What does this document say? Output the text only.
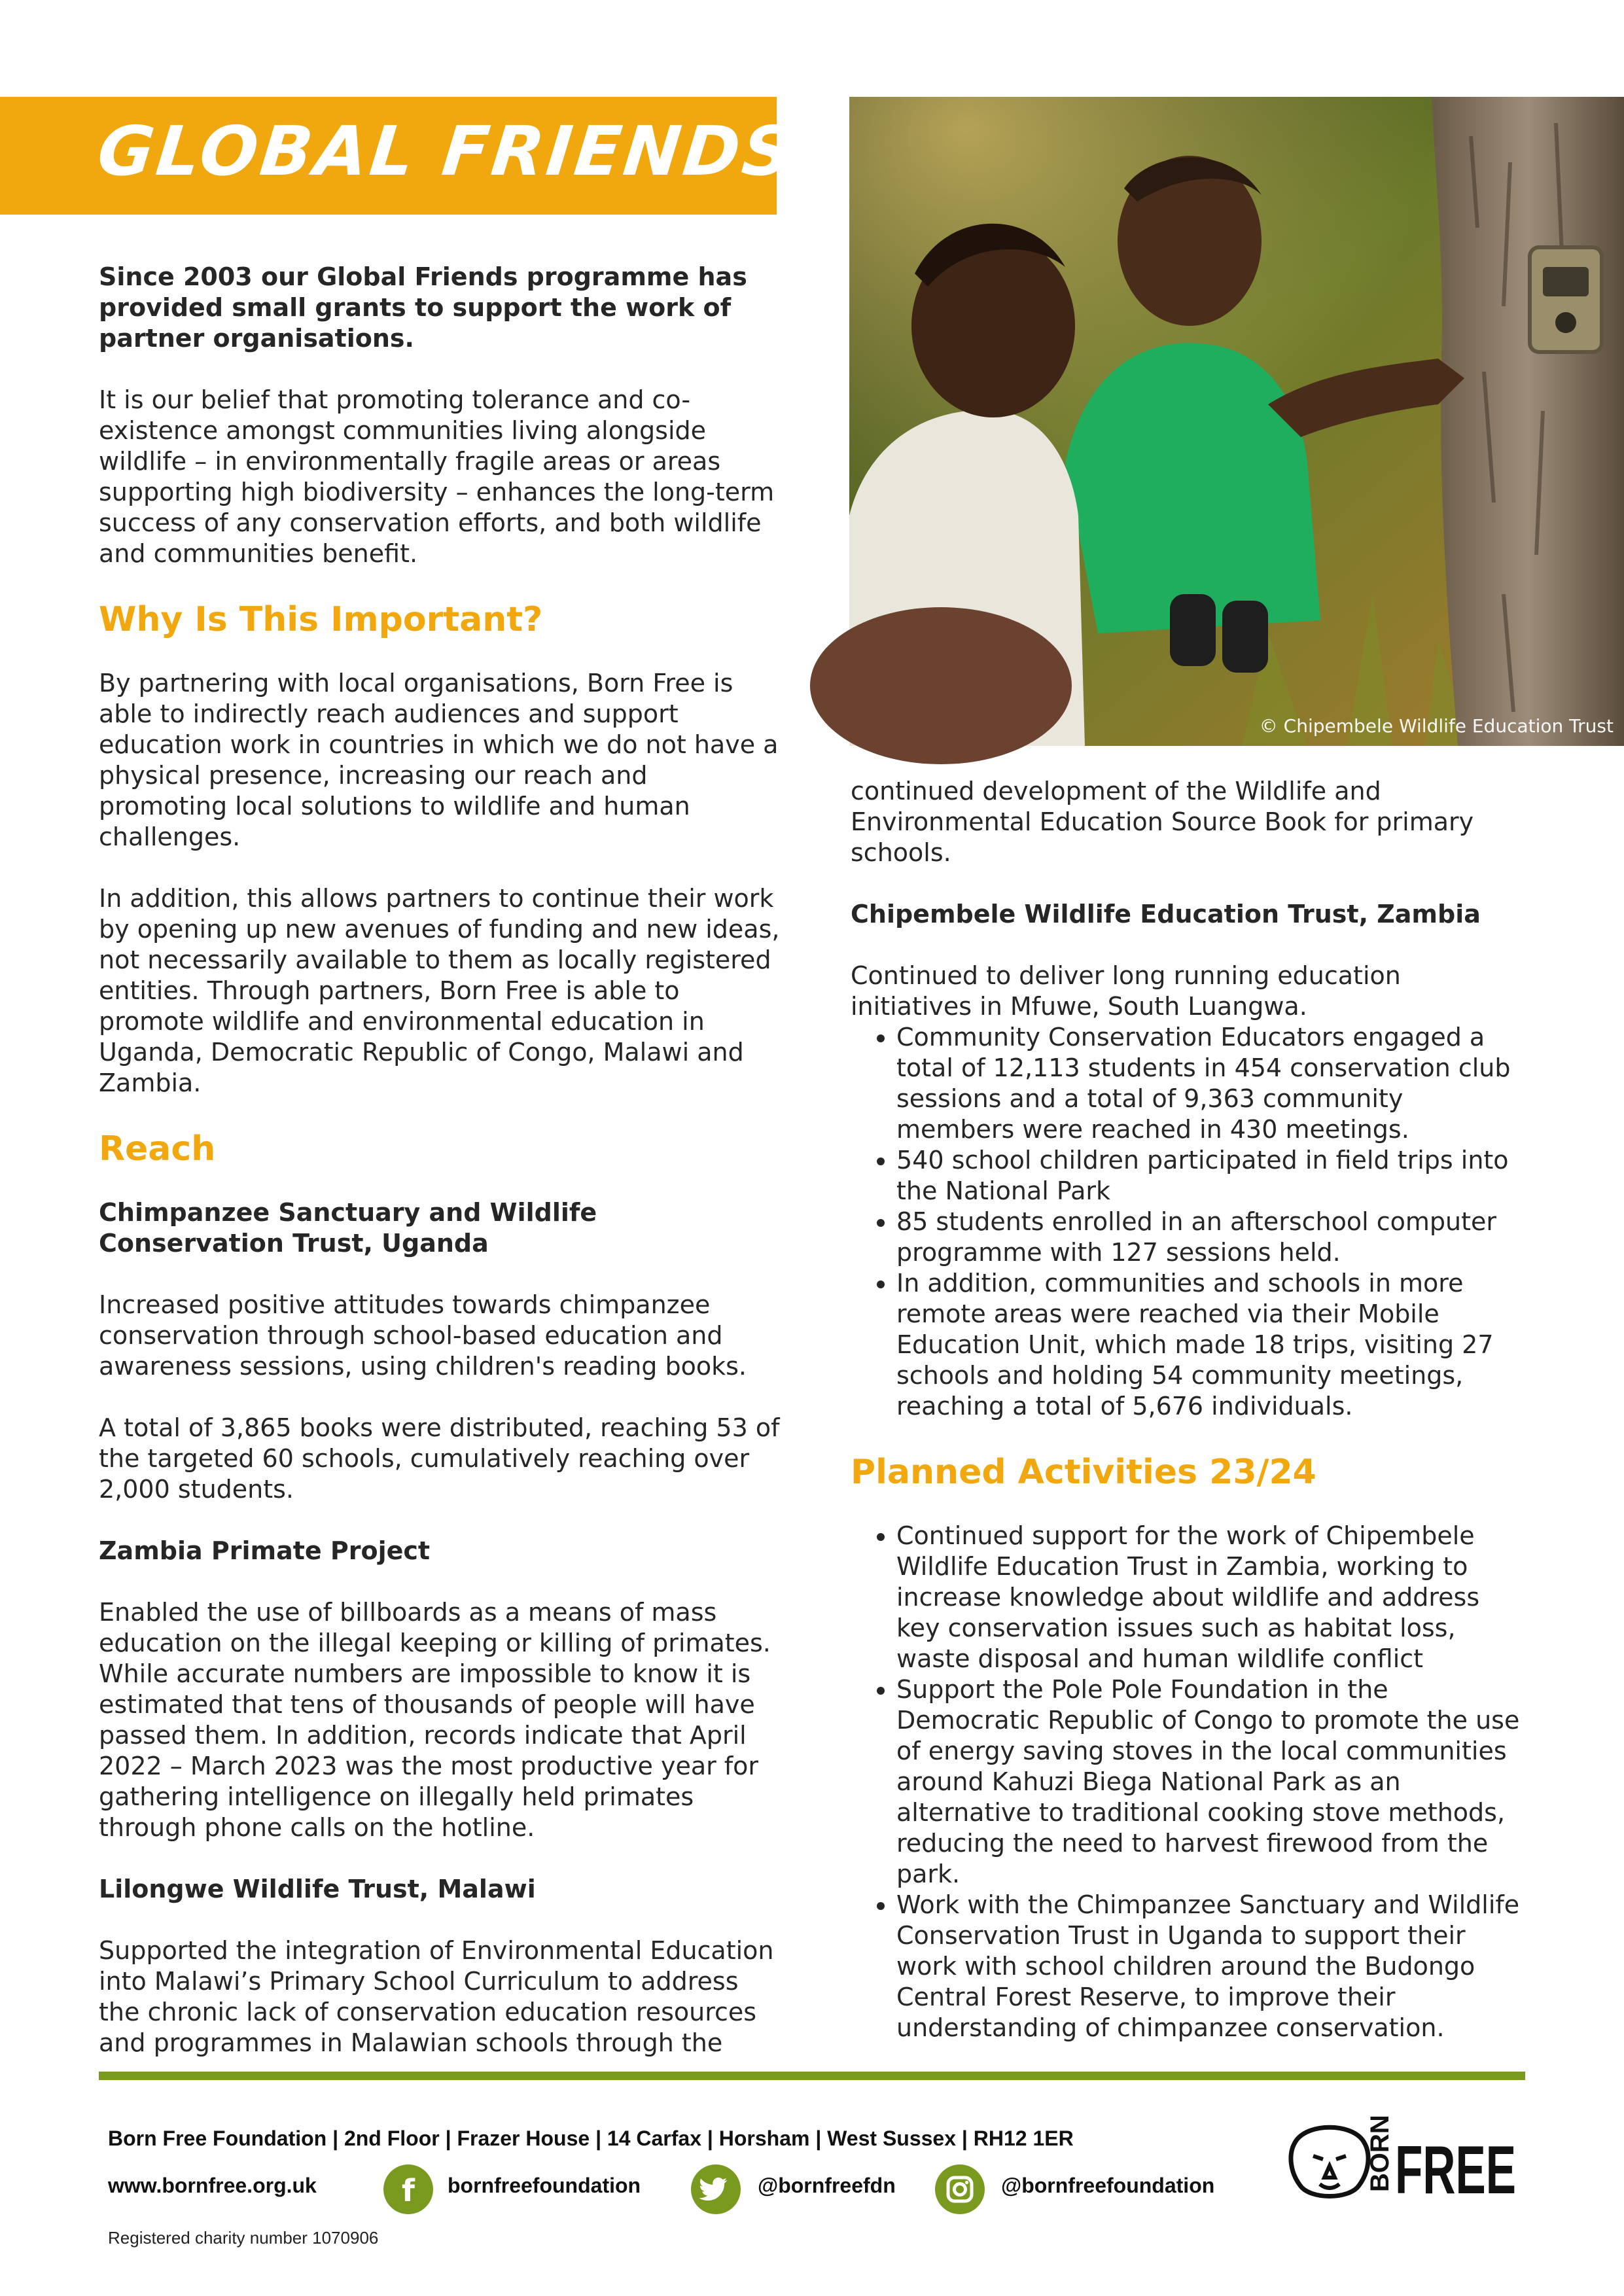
GLOBAL FRIENDS
© Chipembele Wildlife Education Trust

Since 2003 our Global Friends programme has provided small grants to support the work of partner organisations.

It is our belief that promoting tolerance and co-existence amongst communities living alongside wildlife – in environmentally fragile areas or areas supporting high biodiversity – enhances the long-term success of any conservation efforts, and both wildlife and communities benefit.

Why Is This Important?

By partnering with local organisations, Born Free is able to indirectly reach audiences and support education work in countries in which we do not have a physical presence, increasing our reach and promoting local solutions to wildlife and human challenges.

In addition, this allows partners to continue their work by opening up new avenues of funding and new ideas, not necessarily available to them as locally registered entities. Through partners, Born Free is able to promote wildlife and environmental education in Uganda, Democratic Republic of Congo, Malawi and Zambia.

Reach
Chimpanzee Sanctuary and Wildlife Conservation Trust, Uganda

Increased positive attitudes towards chimpanzee conservation through school-based education and awareness sessions, using children's reading books.

A total of 3,865 books were distributed, reaching 53 of the targeted 60 schools, cumulatively reaching over 2,000 students.

Zambia Primate Project

Enabled the use of billboards as a means of mass education on the illegal keeping or killing of primates. While accurate numbers are impossible to know it is estimated that tens of thousands of people will have passed them. In addition, records indicate that April 2022 – March 2023 was the most productive year for gathering intelligence on illegally held primates through phone calls on the hotline.

Lilongwe Wildlife Trust, Malawi

Supported the integration of Environmental Education into Malawi’s Primary School Curriculum to address the chronic lack of conservation education resources and programmes in Malawian schools through the

continued development of the Wildlife and Environmental Education Source Book for primary schools.

Chipembele Wildlife Education Trust, Zambia

Continued to deliver long running education initiatives in Mfuwe, South Luangwa.

• Community Conservation Educators engaged a total of 12,113 students in 454 conservation club sessions and a total of 9,363 community members were reached in 430 meetings.
• 540 school children participated in field trips into the National Park
• 85 students enrolled in an afterschool computer programme with 127 sessions held.
• In addition, communities and schools in more remote areas were reached via their Mobile Education Unit, which made 18 trips, visiting 27 schools and holding 54 community meetings, reaching a total of 5,676 individuals.
Planned Activities 23/24
• Continued support for the work of Chipembele Wildlife Education Trust in Zambia, working to increase knowledge about wildlife and address key conservation issues such as habitat loss, waste disposal and human wildlife conflict
• Support the Pole Pole Foundation in the Democratic Republic of Congo to promote the use of energy saving stoves in the local communities around Kahuzi Biega National Park as an alternative to traditional cooking stove methods, reducing the need to harvest firewood from the park.
• Work with the Chimpanzee Sanctuary and Wildlife Conservation Trust in Uganda to support their work with school children around the Budongo Central Forest Reserve, to improve their understanding of chimpanzee conservation.
Born Free Foundation | 2nd Floor | Frazer House | 14 Carfax | Horsham | West Sussex | RH12 1ER
www.bornfree.org.uk	f bornfreefoundation	@bornfreefdn	@bornfreefoundation
Registered charity number 1070906
BORN FREE
